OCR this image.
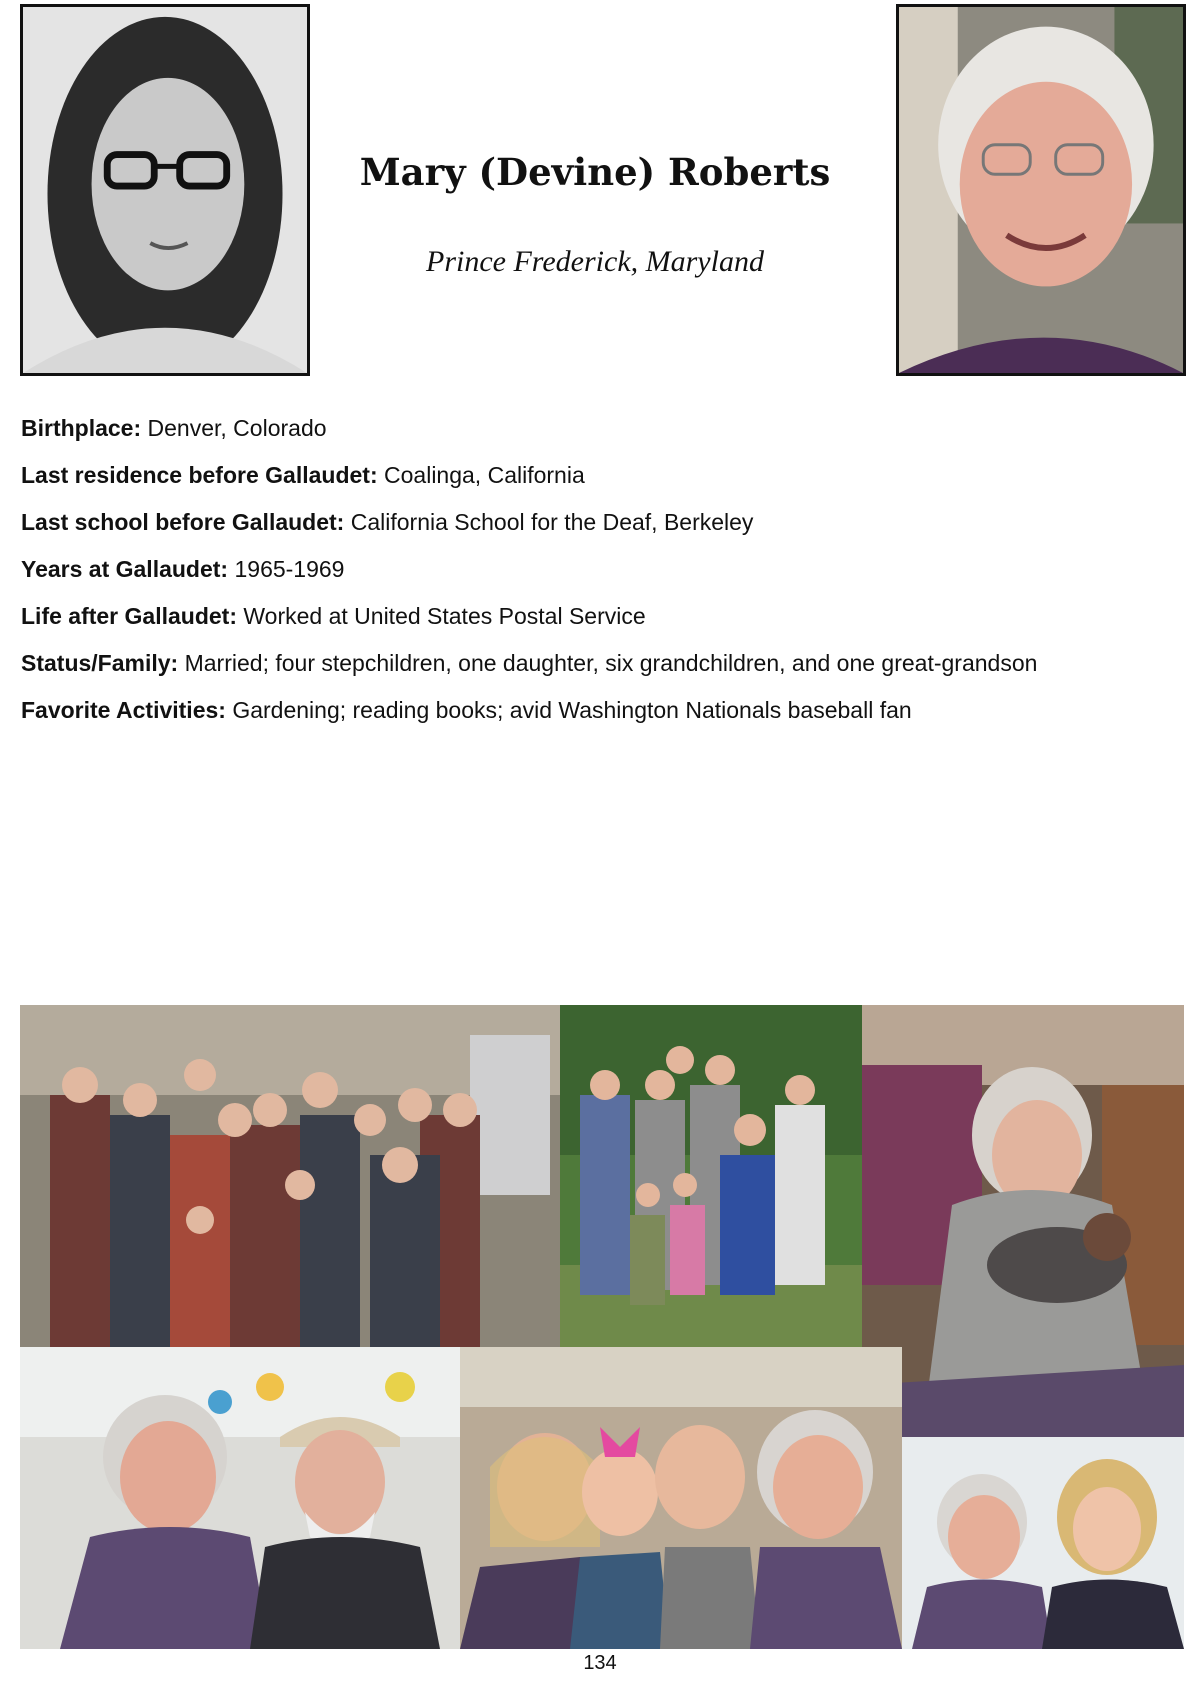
Mary (Devine) Roberts
Prince Frederick, Maryland
Birthplace: Denver, Colorado
Last residence before Gallaudet: Coalinga, California
Last school before Gallaudet: California School for the Deaf, Berkeley
Years at Gallaudet: 1965-1969
Life after Gallaudet: Worked at United States Postal Service
Status/Family: Married; four stepchildren, one daughter, six grandchildren, and one great-grandson
Favorite Activities: Gardening; reading books; avid Washington Nationals baseball fan
134
